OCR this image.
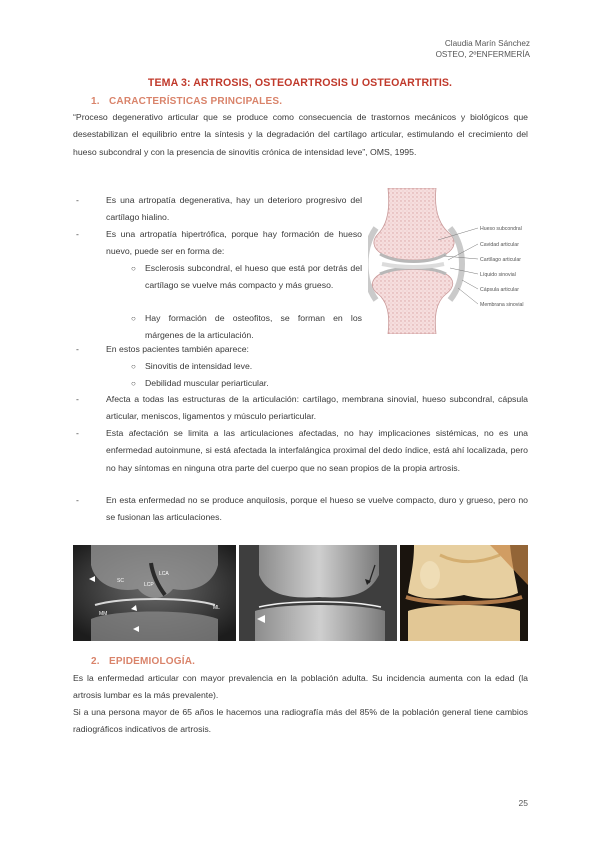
Claudia Marín Sánchez
OSTEO, 2ºENFERMERÍA
TEMA 3: ARTROSIS, OSTEOARTROSIS U OSTEOARTRITIS.
1. CARACTERÍSTICAS PRINCIPALES.
“Proceso degenerativo articular que se produce como consecuencia de trastornos mecánicos y biológicos que desestabilizan el equilibrio entre la síntesis y la degradación del cartílago articular, estimulando el crecimiento del hueso subcondral y con la presencia de sinovitis crónica de intensidad leve”, OMS, 1995.
-	Es una artropatía degenerativa, hay un deterioro progresivo del cartílago hialino.
-	Es una artropatía hipertrófica, porque hay formación de hueso nuevo, puede ser en forma de:
○ Esclerosis subcondral, el hueso que está por detrás del cartílago se vuelve más compacto y más grueso.
○ Hay formación de osteofitos, se forman en los márgenes de la articulación.
-	En estos pacientes también aparece:
○ Sinovitis de intensidad leve.
○ Debilidad muscular periarticular.
-	Afecta a todas las estructuras de la articulación: cartílago, membrana sinovial, hueso subcondral, cápsula articular, meniscos, ligamentos y músculo periarticular.
-	Esta afectación se limita a las articulaciones afectadas, no hay implicaciones sistémicas, no es una enfermedad autoinmune, si está afectada la interfalángica proximal del dedo índice, está ahí localizada, pero no hay síntomas en ninguna otra parte del cuerpo que no sean propios de la propia artrosis.
-	En esta enfermedad no se produce anquilosis, porque el hueso se vuelve compacto, duro y grueso, pero no se fusionan las articulaciones.
Hueso subcondral
Cavidad articular
Cartílago articular
Líquido sinovial
Cápsula articular
Membrana sinovial
LCA
LCP
SC
MM
ML
2. EPIDEMIOLOGÍA.
Es la enfermedad articular con mayor prevalencia en la población adulta. Su incidencia aumenta con la edad (la artrosis lumbar es la más prevalente).
Si a una persona mayor de 65 años le hacemos una radiografía más del 85% de la población general tiene cambios radiográficos indicativos de artrosis.
25
